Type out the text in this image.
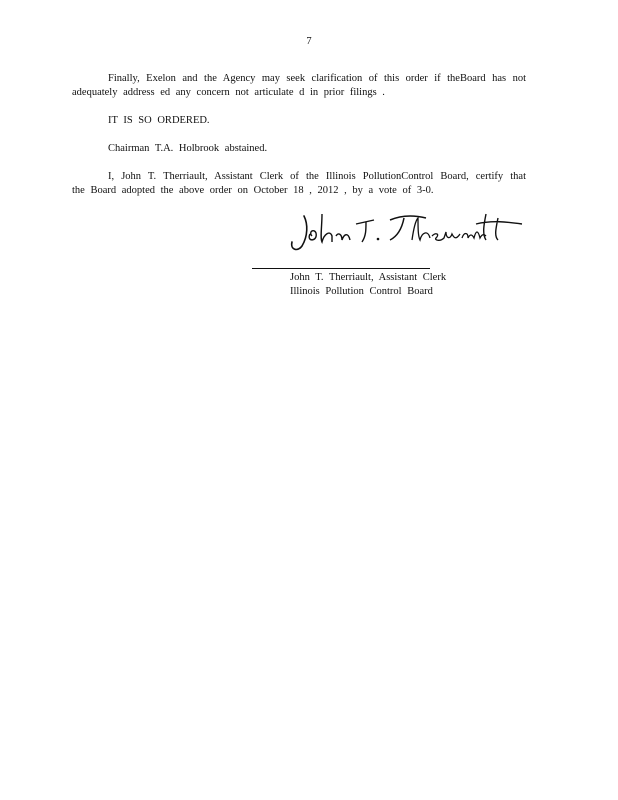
7
Finally, Exelon and the Agency may seek clarification of this order if theBoard has not
adequately address ed any concern not articulate d in prior filings .
IT IS SO ORDERED.
Chairman T.A. Holbrook abstained.
I, John T. Therriault, Assistant Clerk of the Illinois PollutionControl Board, certify that
the Board adopted the above order on October 18 , 2012 , by a vote of 3-0.
John T. Therriault, Assistant Clerk
Illinois Pollution Control Board
